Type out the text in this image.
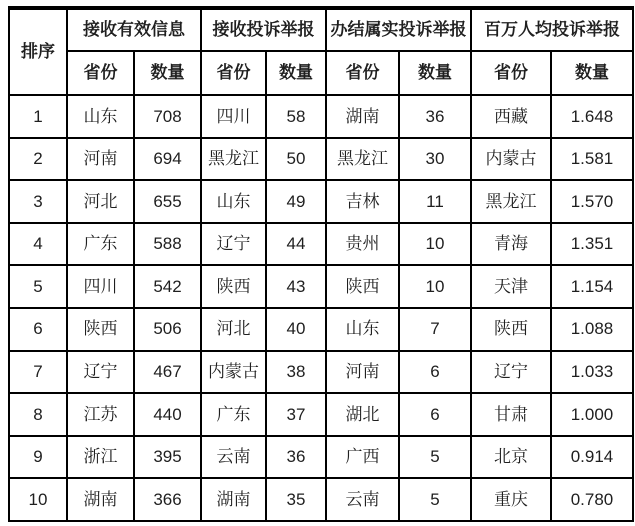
排序	接收有效信息		接收投诉举报		办结属实投诉举报		百万人均投诉举报	
	省份	数量	省份	数量	省份	数量	省份	数量
1	山东	708	四川	58	湖南	36	西藏	1.648
2	河南	694	黑龙江	50	黑龙江	30	内蒙古	1.581
3	河北	655	山东	49	吉林	11	黑龙江	1.570
4	广东	588	辽宁	44	贵州	10	青海	1.351
5	四川	542	陕西	43	陕西	10	天津	1.154
6	陕西	506	河北	40	山东	7	陕西	1.088
7	辽宁	467	内蒙古	38	河南	6	辽宁	1.033
8	江苏	440	广东	37	湖北	6	甘肃	1.000
9	浙江	395	云南	36	广西	5	北京	0.914
10	湖南	366	湖南	35	云南	5	重庆	0.780
